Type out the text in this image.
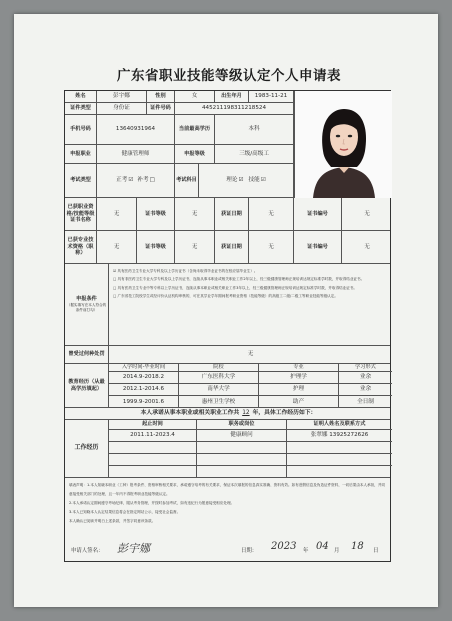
广东省职业技能等级认定个人申请表
姓名	彭宇娜	性别	女	出生年月	1983-11-21
证件类型	身份证	证件号码	445211198311218524
手机号码	13640931964	当前最高学历	本科
申报职业	健康管理师	申报等级	三级/高级工
考试类型	正考 ☑ 补考 □	考试科目	理论 ☑ 技能 ☑
已获职业资格/技能等级证书名称
无	证书等级	无	获证日期	无	证书编号	无
已获专业技术资格（职称）
无	证书等级	无	获证日期	无	证书编号	无
申报条件
（据实填写在本人符合的条件前打勾）

☑ 具有医药卫生专业大学专科及以上学历证书（含尚未取得毕业证书的在校应届毕业生）。

□ 具有非医药卫生专业大学专科及以上学历证书，连续从事本职业或相关职业工作2年以上，经三级健康管理师正规培训达规定标准学时数，并取得结业证书。

□ 具有医药卫生专业中等专科以上学历证书，连续从事本职业或相关职业工作3年以上，经三级健康管理师正规培训达规定标准学时数，并取得结业证书。

□ 广东省技工院校学生或经评价认证机构审核的，可在其学业学年期间报考职业资格（技能等级）的高级工二级/二级工等职业技能等级认定。

曾受过何种处罚	无
教育经历（从最高学历填起）
入学时间-毕业时间	院校	专业	学习形式
2014.9-2018.2	广东医科大学	护理学	业余
2012.1-2014.6	南华大学	护理	业余
1999.9-2001.6	惠州卫生学校	助产	全日制
本人承诺从事本职业或相关职业工作共 12 年，具体工作经历如下：
工作经历
起止时间	职务或岗位	证明人姓名及联系方式
2011.11-2023.4	健康顾问	张翠娜 13925272626

填表声明：1.本人知晓本职业（工种）报考条件、资格审核相关要求，承诺遵守培考的有关要求，保证本次填报的信息真实准确、资料有效。如有虚假信息及伪造证件资料，一切后果由本人承担，并同意接受相关部门的处理，且一年内不得报考职业技能等级认定。

2.本人承诺认定期间遵守考场纪律，服从考务管理，并按时参加考试，如有违纪行为愿意接受相应处理。

3.本人已知晓本人认定结果信息将会在指定网站公示，接受社会监督。

本人确认已阅读并明白上述条款，并签字同意该条款。

申请人签名： 彭宇娜	日期： 2023 年 04 月 18 日
